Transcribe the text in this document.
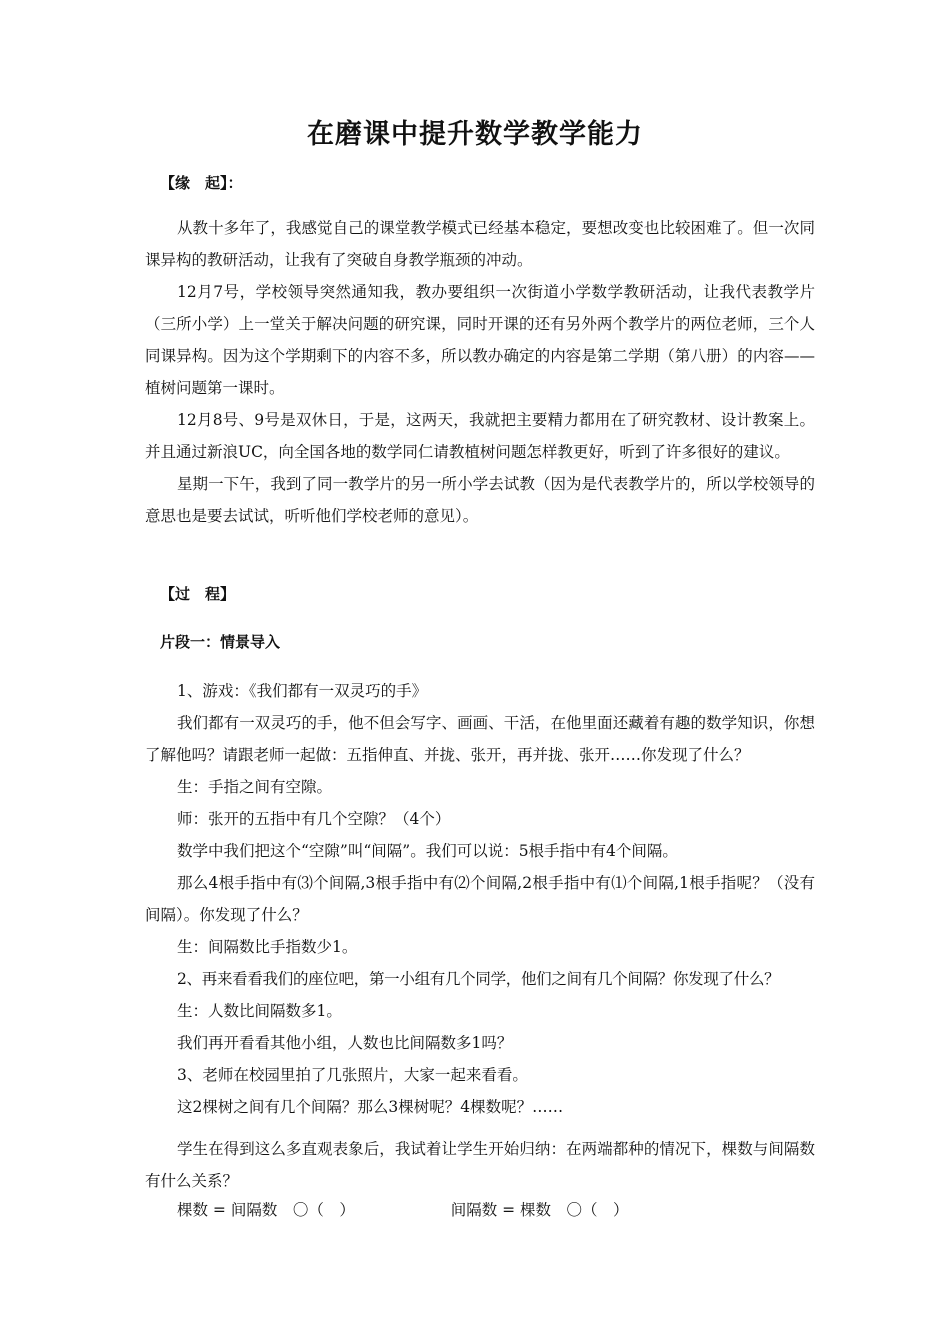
在磨课中提升数学教学能力
【缘　起】：

从教十多年了，我感觉自己的课堂教学模式已经基本稳定，要想改变也比较困难了。但一次同课异构的教研活动，让我有了突破自身教学瓶颈的冲动。

12月7号，学校领导突然通知我，教办要组织一次街道小学数学教研活动，让我代表教学片（三所小学）上一堂关于解决问题的研究课，同时开课的还有另外两个教学片的两位老师，三个人同课异构。因为这个学期剩下的内容不多，所以教办确定的内容是第二学期（第八册）的内容——植树问题第一课时。

12月8号、9号是双休日，于是，这两天，我就把主要精力都用在了研究教材、设计教案上。并且通过新浪UC，向全国各地的数学同仁请教植树问题怎样教更好，听到了许多很好的建议。

星期一下午，我到了同一教学片的另一所小学去试教（因为是代表教学片的，所以学校领导的意思也是要去试试，听听他们学校老师的意见）。

【过　程】
片段一：情景导入

1、游戏：《我们都有一双灵巧的手》

我们都有一双灵巧的手，他不但会写字、画画、干活，在他里面还藏着有趣的数学知识，你想了解他吗？请跟老师一起做：五指伸直、并拢、张开，再并拢、张开……你发现了什么？

生：手指之间有空隙。

师：张开的五指中有几个空隙？（4个）

数学中我们把这个“空隙”叫“间隔”。我们可以说：5根手指中有4个间隔。

那么4根手指中有⑶个间隔,3根手指中有⑵个间隔,2根手指中有⑴个间隔,1根手指呢？（没有间隔）。你发现了什么？

生：间隔数比手指数少1。

2、再来看看我们的座位吧，第一小组有几个同学，他们之间有几个间隔？你发现了什么？

生：人数比间隔数多1。

我们再开看看其他小组，人数也比间隔数多1吗？

3、老师在校园里拍了几张照片，大家一起来看看。

这2棵树之间有几个间隔？那么3棵树呢？4棵数呢？……

学生在得到这么多直观表象后，我试着让学生开始归纳：在两端都种的情况下，棵数与间隔数有什么关系？

棵数 = 间隔数　〇（　）	间隔数 = 棵数　〇（　）
